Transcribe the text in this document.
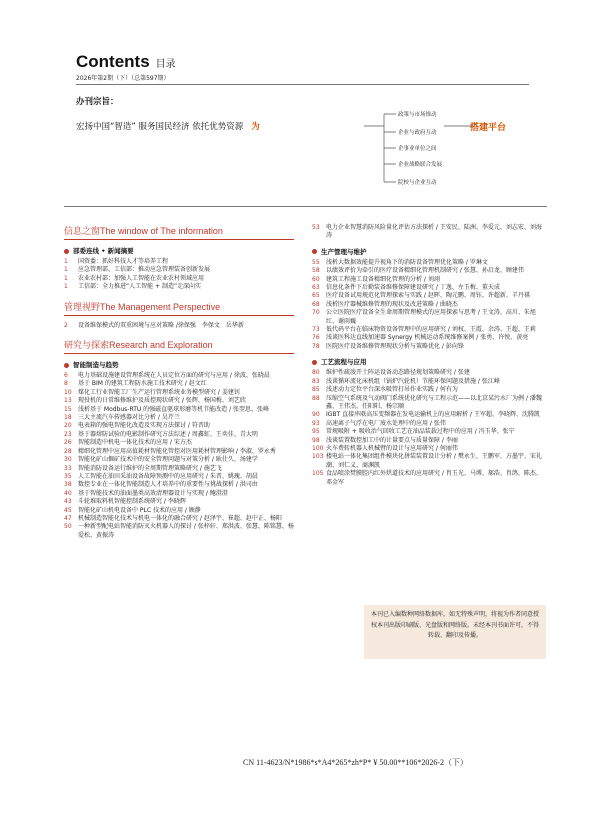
Contents 目录
2026年第2期（下）（总第597期）
办刊宗旨：
宏扬中国“智造” 服务国民经济 依托优势资源 为	搭建平台
政策与市场推动
企业与政府互动
企事业单位之间
企业战略联合发展
院校与企业互动
信息之窗The window of The information
部委连线 • 新闻摘要
1	国资委：抓好科技人才等培养工程
1	应急管理部、工信部：推动应急管理装备创新发展
1	农业农村部：加强人工智能在农业农村领域应用
1	工信部：全力推进“人工智能 + 制造”走深向实
管理视野The Management Perspective
2	设备维保模式的双重困境与应对策略 /徐保强　李保文　岳华新
研究与探索Research and Exploration
智能制造与趋势
6	电力基础设施建设管理系统在人员定位方面的研究与应用 / 徐波、张晓晨
8	基于 BIM 的建筑工程防水施工技术研究 / 赵文红
10	煤化工行业智能工厂生产运行管理系统业务模型研究 / 姜建钊
13	现役机的日常维修维护及质控现状研究 / 张辉、杨国梅、刘艺欣
15	浅析基于 Modbus-RTU 的强磁直驱球形磨等机节能改造 / 张翌思、张峰
18	三大主流汽车传感器对比分析 / 吴芹兰
20	电表箱的强电智能化改造及实现方法探讨 / 符晋助
23	基于器熔防试验的电影制作研究方法综述 / 周鑫虹、王奕佳、青大明
26	智能制造中机电一体化技术的应用 / 宋方杰
28	精细化管理中应用高值耗材智能化管控对医用耗材管理影响 / 李淑、罗永秀
30	智能化矿山掘矿技术中的安全管理问题与对策分析 / 耿仕久、汤建学
33	智能消防设备运行维护的全周期管理策略研究 / 施艺飞
35	人工智能在油田采油设备故障预测中的应用研究 / 朱晋、姚瑰、胡晨
38	数控专业在一体化智能制造人才培养中的重要性与挑战探析 / 洪司由
40	基于智能技术的油面墨类高效清理器设计与实现 / 鲍澄澄
43	斗轮堆取料机智能控制系统研究 / 李晓辉
45	智能化矿山机电设备中 PLC 技术的应用 / 顾静
47	机械制造智能化技术与机电一体化的融合研究 / 赵泽宇、崔超、赵中正、杨阳
50	一种新型配电站智能消防灭火机器人的探讨 / 张梓轩、郑洪波、张慧、陈铭慧、杨爱松、黄振涛
53	电力企业智慧消防风险量化评估方法探析 / 王安民、陆洲、李爱元、刘志宏、刘海涛
生产管理与维护
55	浅析大数据效能提升视角下的消防设备管理优化策略 / 罗琳文
58	以绩效评价为牵引的医疗设备精细化管理机制研究 / 张慧、孙启龙、顾建伟
60	建筑工程施工设备精细化管理的分析 / 刘翊
63	信息化条件下后勤装备维修保障建设研究 / 丁逸、左玉梅、董天成
65	医疗设备试用规范化管理探索与实践 / 赵晖、陶元鹏、周钰、许超新、羊丹祺
68	浅析医疗器械维修管理的现状及改进策略 / 曲晓杰
70	公立医院医疗设备全生命周期管理模式的应用探索与思考 / 王文涛、高川、朱旭红、谢雨巍
73	低代码平台在临床物资设备管理中的应用研究 / 刘权、王霞、余涛、王超、王莉
76	浅谈医科达直线加速器 Synergy 机械运动系统维修案例 / 张勇、许悦、黄亮
78	医院医疗设备维修管理现状分析与策略优化 / 彭向锋
工艺流程与应用
80	维护性疏浚开土阵运设备动态路径规划策略研究 / 张建
83	浅谈循环流化床机组（锅炉汽轮机）节能环保问题及措施 / 张江峰
85	浅述动力定位平台深水吸管打吊作业实践 / 何有为
88	压缩空气系统及气动阀门系统优化研究与工程示范——以北京某污水厂为例 / 潘魏鑫、王伟杰、任阳阳、杨宗顺
90	IGBT 直接串联高压变频器在发电运输机上的应用解析 / 王军超、李晓辉、沈腾凯
93	高速离子气浮在电厂废水处理中的应用 / 张伟
95	常规吸附 + 吸收治气回收工艺在油品装载过程中的应用 / 冯玉华、张宁
98	浅谈装置数控加工中的计量要点与质量保障 / 李丽
100 火车费转机器人机械臂的设计与应用研究 / 何丽伟
103 楼电站一体化集团组件模块化拼装装置设计分析 / 樊永生、王鹏军、方墨宇、宋礼潮、刘仁义、商渊凯
105 食品喷涂焚膜腔内红外烘道技术的应用研究 / 肖玉光、马博、郝浩、肖鸽、陈杰、邓金军
本刊已入编数种网络数据库，如无特殊声明，将视为作者同意授权本刊出版印刷版、光盘版和网络版。未经本刊书面许可，不得转载、翻印及传播。
CN 11-4623/N*1986*s*A4*265*zh*P* ¥ 50.00**106*2026-2（下）
